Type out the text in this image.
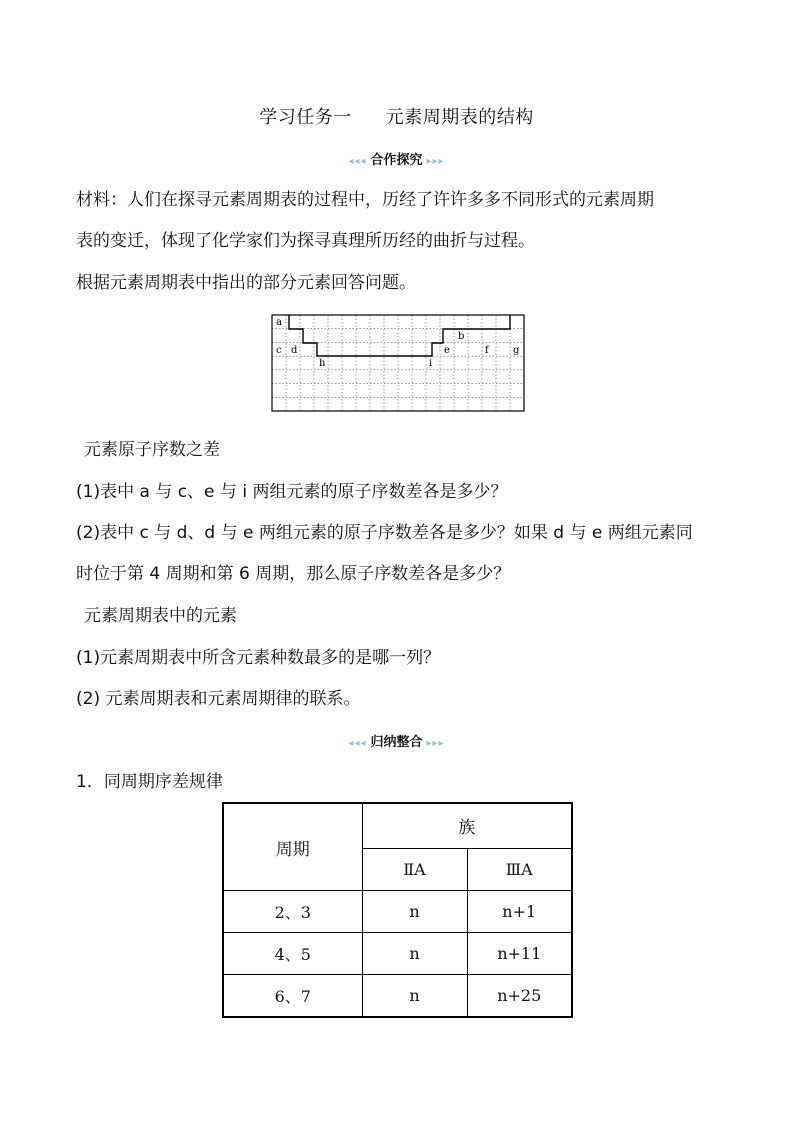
学习任务一 元素周期表的结构
◂◂◂ 合作探究 ▸▸▸
材料：人们在探寻元素周期表的过程中，历经了许许多多不同形式的元素周期
表的变迁，体现了化学家们为探寻真理所历经的曲折与过程。
根据元素周期表中指出的部分元素回答问题。
a
b
c d	e	f g
h	i
元素原子序数之差
(1)表中 a 与 c、e 与 i 两组元素的原子序数差各是多少？
(2)表中 c 与 d、d 与 e 两组元素的原子序数差各是多少？如果 d 与 e 两组元素同
时位于第 4 周期和第 6 周期，那么原子序数差各是多少？
元素周期表中的元素
(1)元素周期表中所含元素种数最多的是哪一列？
(2) 元素周期表和元素周期律的联系。
◂◂◂ 归纳整合 ▸▸▸
1．同周期序差规律
周期	族	
	ⅡA	ⅢA
2、3	n	n+1
4、5	n	n+11
6、7	n	n+25
